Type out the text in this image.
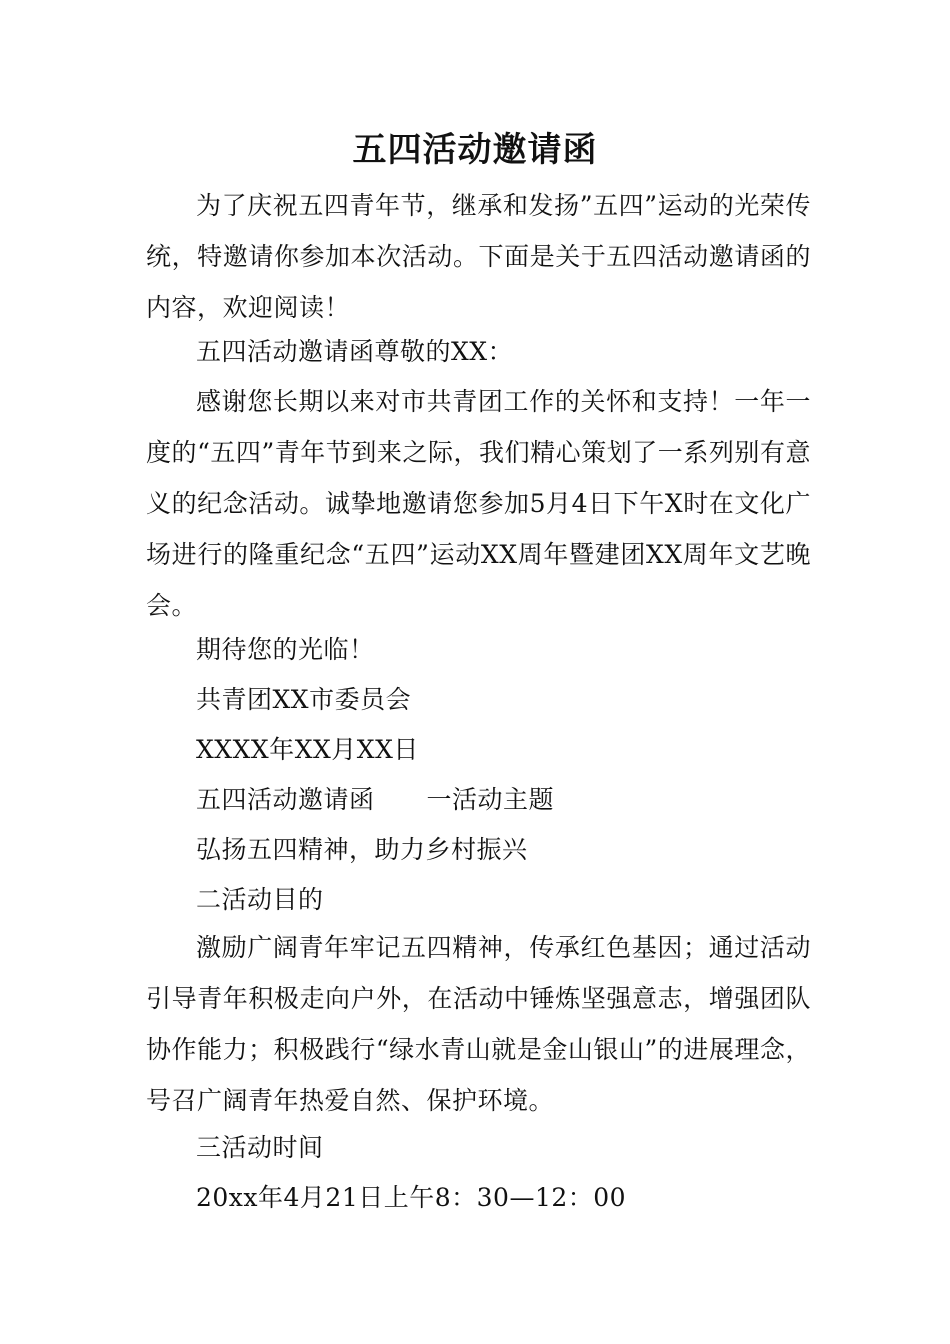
五四活动邀请函

为了庆祝五四青年节，继承和发扬”五四”运动的光荣传统，特邀请你参加本次活动。下面是关于五四活动邀请函的内容，欢迎阅读！

五四活动邀请函尊敬的XX：

感谢您长期以来对市共青团工作的关怀和支持！一年一度的“五四”青年节到来之际，我们精心策划了一系列别有意义的纪念活动。诚挚地邀请您参加5月4日下午X时在文化广场进行的隆重纪念“五四”运动XX周年暨建团XX周年文艺晚会。

期待您的光临！
共青团XX市委员会
XXXX年XX月XX日
五四活动邀请函 一活动主题
弘扬五四精神，助力乡村振兴
二活动目的

激励广阔青年牢记五四精神，传承红色基因；通过活动引导青年积极走向户外，在活动中锤炼坚强意志，增强团队协作能力；积极践行“绿水青山就是金山银山”的进展理念，号召广阔青年热爱自然、保护环境。

三活动时间
20xx年4月21日上午8：30—12：00
